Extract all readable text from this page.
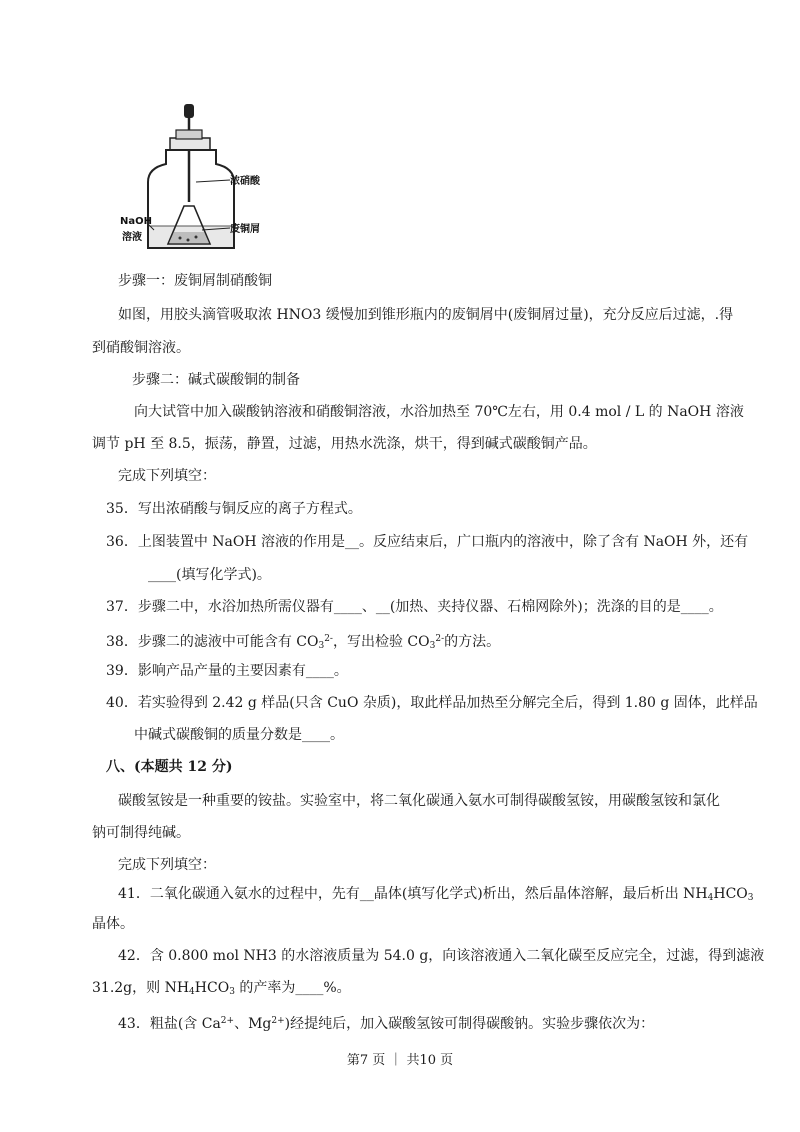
浓硝酸
废铜屑
NaOH
溶液
步骤一：废铜屑制硝酸铜
如图，用胶头滴管吸取浓 HNO3 缓慢加到锥形瓶内的废铜屑中(废铜屑过量)，充分反应后过滤，.得
到硝酸铜溶液。
步骤二：碱式碳酸铜的制备
向大试管中加入碳酸钠溶液和硝酸铜溶液，水浴加热至 70℃左右，用 0.4 mol / L 的 NaOH 溶液
调节 pH 至 8.5，振荡，静置，过滤，用热水洗涤，烘干，得到碱式碳酸铜产品。
完成下列填空：
35．写出浓硝酸与铜反应的离子方程式。
36．上图装置中 NaOH 溶液的作用是__。反应结束后，广口瓶内的溶液中，除了含有 NaOH 外，还有
____(填写化学式)。
37．步骤二中，水浴加热所需仪器有____、__(加热、夹持仪器、石棉网除外)；洗涤的目的是____。
38．步骤二的滤液中可能含有 $CO_3^{2-}$，写出检验 $CO_3^{2-}$的方法。
39．影响产品产量的主要因素有____。
40．若实验得到 2.42 g 样品(只含 CuO 杂质)，取此样品加热至分解完全后，得到 1.80 g 固体，此样品
中碱式碳酸铜的质量分数是____。
八、(本题共 12 分)
碳酸氢铵是一种重要的铵盐。实验室中，将二氧化碳通入氨水可制得碳酸氢铵，用碳酸氢铵和氯化
钠可制得纯碱。
完成下列填空：
41．二氧化碳通入氨水的过程中，先有__晶体(填写化学式)析出，然后晶体溶解，最后析出 $NH_4HCO_3$
晶体。
42．含 0.800 mol NH3 的水溶液质量为 54.0 g，向该溶液通入二氧化碳至反应完全，过滤，得到滤液
31.2g，则 $NH_4HCO_3$ 的产率为____%。
43．粗盐(含 $Ca^{2+}$、$Mg^{2+}$)经提纯后，加入碳酸氢铵可制得碳酸钠。实验步骤依次为：
第7 页 ｜ 共10 页
